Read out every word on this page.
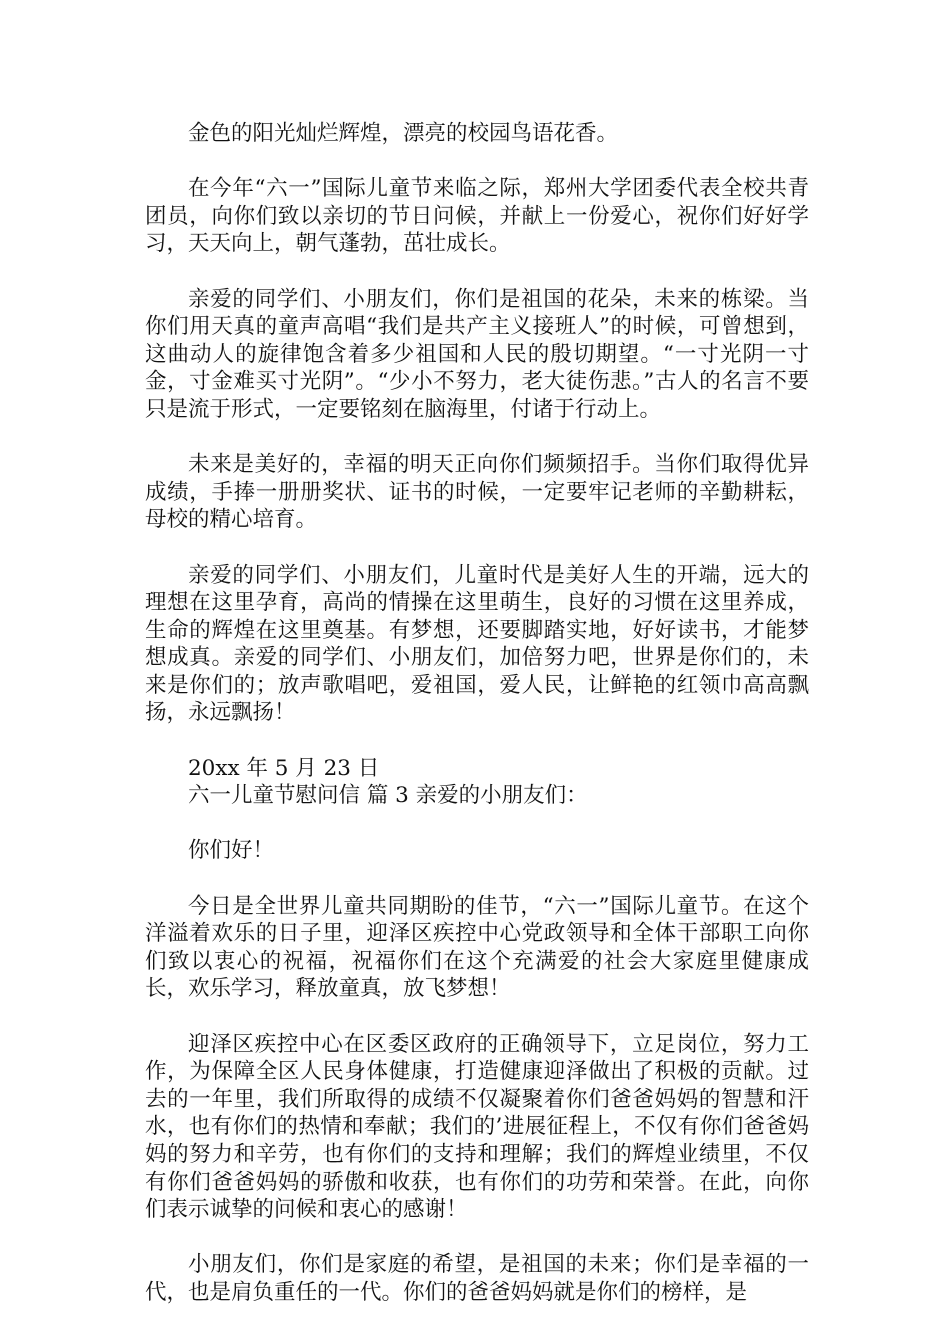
金色的阳光灿烂辉煌，漂亮的校园鸟语花香。

在今年“六一”国际儿童节来临之际，郑州大学团委代表全校共青团员，向你们致以亲切的节日问候，并献上一份爱心，祝你们好好学习，天天向上，朝气蓬勃，茁壮成长。

亲爱的同学们、小朋友们，你们是祖国的花朵，未来的栋梁。当你们用天真的童声高唱“我们是共产主义接班人”的时候，可曾想到，这曲动人的旋律饱含着多少祖国和人民的殷切期望。“一寸光阴一寸金，寸金难买寸光阴”。“少小不努力，老大徒伤悲。”古人的名言不要只是流于形式，一定要铭刻在脑海里，付诸于行动上。

未来是美好的，幸福的明天正向你们频频招手。当你们取得优异成绩，手捧一册册奖状、证书的时候，一定要牢记老师的辛勤耕耘，母校的精心培育。

亲爱的同学们、小朋友们，儿童时代是美好人生的开端，远大的理想在这里孕育，高尚的情操在这里萌生，良好的习惯在这里养成，生命的辉煌在这里奠基。有梦想，还要脚踏实地，好好读书，才能梦想成真。亲爱的同学们、小朋友们，加倍努力吧，世界是你们的，未来是你们的；放声歌唱吧，爱祖国，爱人民，让鲜艳的红领巾高高飘扬，永远飘扬！

20xx 年 5 月 23 日

六一儿童节慰问信 篇 3 亲爱的小朋友们：

你们好！

今日是全世界儿童共同期盼的佳节，“六一”国际儿童节。在这个洋溢着欢乐的日子里，迎泽区疾控中心党政领导和全体干部职工向你们致以衷心的祝福，祝福你们在这个充满爱的社会大家庭里健康成长，欢乐学习，释放童真，放飞梦想！

迎泽区疾控中心在区委区政府的正确领导下，立足岗位，努力工作，为保障全区人民身体健康，打造健康迎泽做出了积极的贡献。过去的一年里，我们所取得的成绩不仅凝聚着你们爸爸妈妈的智慧和汗水，也有你们的热情和奉献；我们的’进展征程上，不仅有你们爸爸妈妈的努力和辛劳，也有你们的支持和理解；我们的辉煌业绩里，不仅有你们爸爸妈妈的骄傲和收获，也有你们的功劳和荣誉。在此，向你们表示诚挚的问候和衷心的感谢！

小朋友们，你们是家庭的希望，是祖国的未来；你们是幸福的一代，也是肩负重任的一代。你们的爸爸妈妈就是你们的榜样，是
